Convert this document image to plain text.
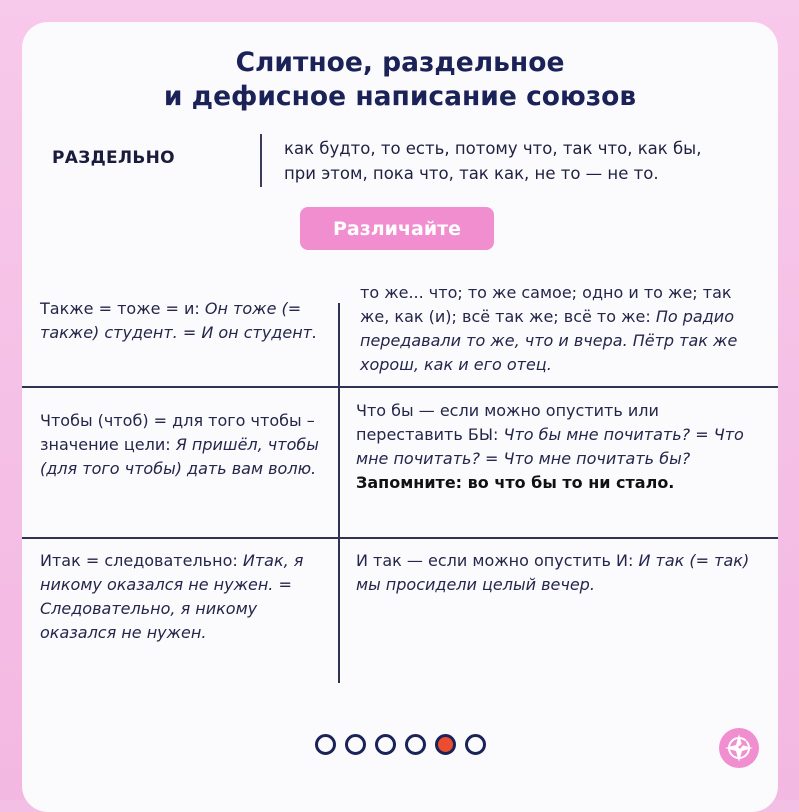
Слитное, раздельное
и дефисное написание союзов
РАЗДЕЛЬНО	как будто, то есть, потому что, так что, как бы,
при этом, пока что, так как, не то — не то.
Различайте
Также = тоже = и: Он тоже (= также) студент. = И он студент.
то же... что; то же самое; одно и то же; так же, как (и); всё так же; всё то же: По радио передавали то же, что и вчера. Пётр так же хорош, как и его отец.
Чтобы (чтоб) = для того чтобы – значение цели: Я пришёл, чтобы (для того чтобы) дать вам волю.
Что бы — если можно опустить или переставить БЫ: Что бы мне почитать? = Что мне почитать? = Что мне почитать бы?
Запомните: во что бы то ни стало.
Итак = следовательно: Итак, я никому оказался не нужен. = Следовательно, я никому оказался не нужен.
И так — если можно опустить И: И так (= так) мы просидели целый вечер.
